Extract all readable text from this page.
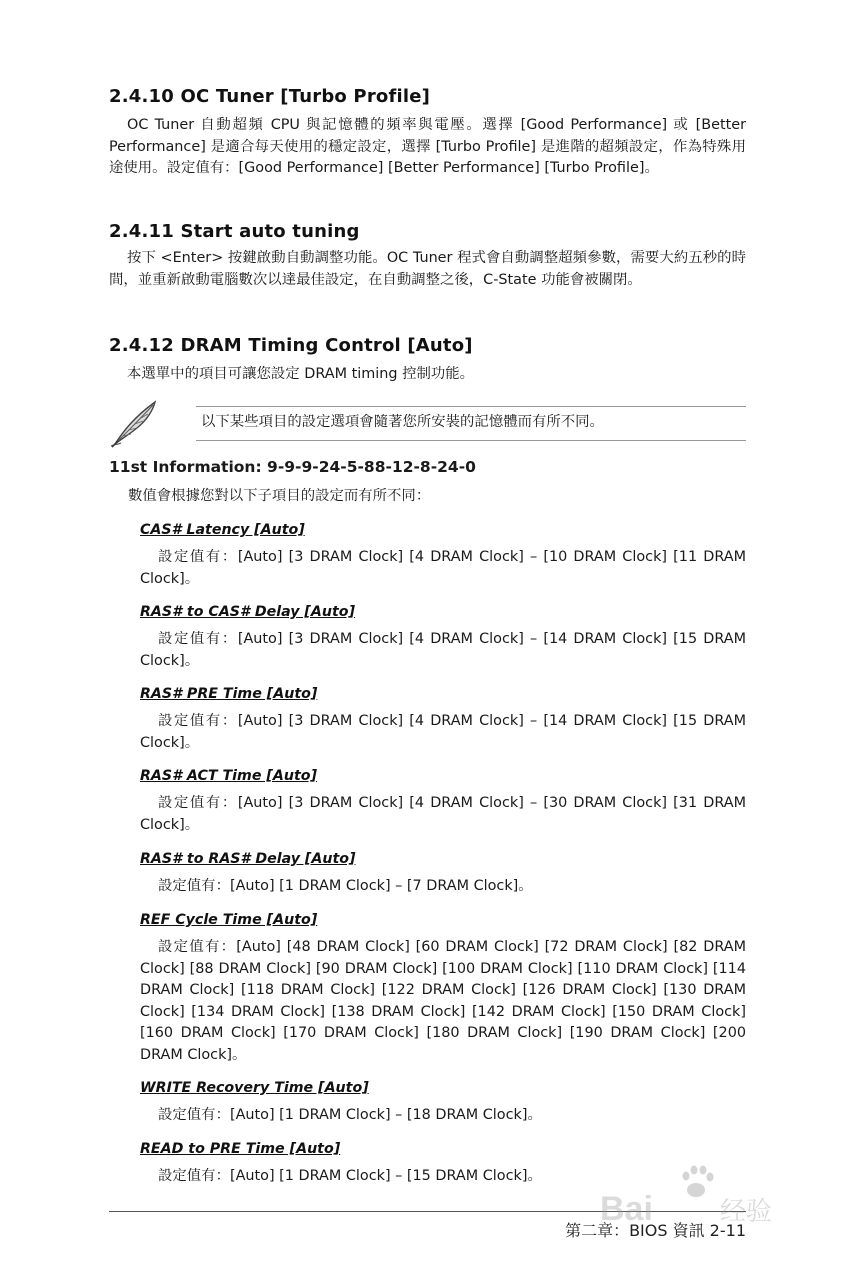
2.4.10 OC Tuner [Turbo Profile]

OC Tuner 自動超頻 CPU 與記憶體的頻率與電壓。選擇 [Good Performance] 或 [Better Performance] 是適合每天使用的穩定設定，選擇 [Turbo Profile] 是進階的超頻設定，作為特殊用途使用。設定值有：[Good Performance] [Better Performance] [Turbo Profile]。

2.4.11 Start auto tuning

按下 <Enter> 按鍵啟動自動調整功能。OC Tuner 程式會自動調整超頻參數，需要大約五秒的時間，並重新啟動電腦數次以達最佳設定，在自動調整之後，C-State 功能會被關閉。

2.4.12 DRAM Timing Control [Auto]

本選單中的項目可讓您設定 DRAM timing 控制功能。

以下某些項目的設定選項會隨著您所安裝的記憶體而有所不同。

11st Information: 9-9-9-24-5-88-12-8-24-0

數值會根據您對以下子項目的設定而有所不同：

CAS# Latency [Auto]

設定值有：[Auto] [3 DRAM Clock] [4 DRAM Clock] – [10 DRAM Clock] [11 DRAM Clock]。

RAS# to CAS# Delay [Auto]

設定值有：[Auto] [3 DRAM Clock] [4 DRAM Clock] – [14 DRAM Clock] [15 DRAM Clock]。

RAS# PRE Time [Auto]

設定值有：[Auto] [3 DRAM Clock] [4 DRAM Clock] – [14 DRAM Clock] [15 DRAM Clock]。

RAS# ACT Time [Auto]

設定值有：[Auto] [3 DRAM Clock] [4 DRAM Clock] – [30 DRAM Clock] [31 DRAM Clock]。

RAS# to RAS# Delay [Auto]

設定值有：[Auto] [1 DRAM Clock] – [7 DRAM Clock]。

REF Cycle Time [Auto]

設定值有：[Auto] [48 DRAM Clock] [60 DRAM Clock] [72 DRAM Clock] [82 DRAM Clock] [88 DRAM Clock] [90 DRAM Clock] [100 DRAM Clock] [110 DRAM Clock] [114 DRAM Clock] [118 DRAM Clock] [122 DRAM Clock] [126 DRAM Clock] [130 DRAM Clock] [134 DRAM Clock] [138 DRAM Clock] [142 DRAM Clock] [150 DRAM Clock] [160 DRAM Clock] [170 DRAM Clock] [180 DRAM Clock] [190 DRAM Clock] [200 DRAM Clock]。

WRITE Recovery Time [Auto]

設定值有：[Auto] [1 DRAM Clock] – [18 DRAM Clock]。

READ to PRE Time [Auto]

設定值有：[Auto] [1 DRAM Clock] – [15 DRAM Clock]。

第二章：BIOS 資訊 2-11

Bai	经验
